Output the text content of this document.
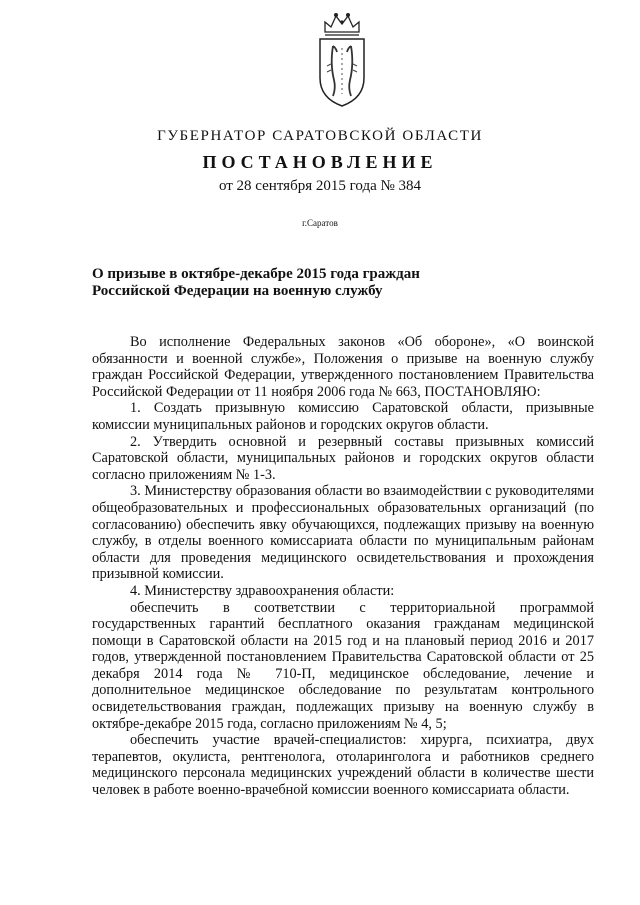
ГУБЕРНАТОР САРАТОВСКОЙ ОБЛАСТИ
ПОСТАНОВЛЕНИЕ
от 28 сентября 2015 года № 384
г.Саратов
О призыве в октябре-декабре 2015 года граждан
Российской Федерации на военную службу

Во исполнение Федеральных законов «Об обороне», «О воинской обязанности и военной службе», Положения о призыве на военную службу граждан Российской Федерации, утвержденного постановлением Правительства Российской Федерации от 11 ноября 2006 года № 663, ПОСТАНОВЛЯЮ:

1. Создать призывную комиссию Саратовской области, призывные комиссии муниципальных районов и городских округов области.

2. Утвердить основной и резервный составы призывных комиссий Саратовской области, муниципальных районов и городских округов области согласно приложениям № 1-3.

3. Министерству образования области во взаимодействии с руководителями общеобразовательных и профессиональных образовательных организаций (по согласованию) обеспечить явку обучающихся, подлежащих призыву на военную службу, в отделы военного комиссариата области по муниципальным районам области для проведения медицинского освидетельствования и прохождения призывной комиссии.

4. Министерству здравоохранения области:

обеспечить в соответствии с территориальной программой государственных гарантий бесплатного оказания гражданам медицинской помощи в Саратовской области на 2015 год и на плановый период 2016 и 2017 годов, утвержденной постановлением Правительства Саратовской области от 25 декабря 2014 года № 710-П, медицинское обследование, лечение и дополнительное медицинское обследование по результатам контрольного освидетельствования граждан, подлежащих призыву на военную службу в октябре-декабре 2015 года, согласно приложениям № 4, 5;

обеспечить участие врачей-специалистов: хирурга, психиатра, двух терапевтов, окулиста, рентгенолога, отоларинголога и работников среднего медицинского персонала медицинских учреждений области в количестве шести человек в работе военно-врачебной комиссии военного комиссариата области.
